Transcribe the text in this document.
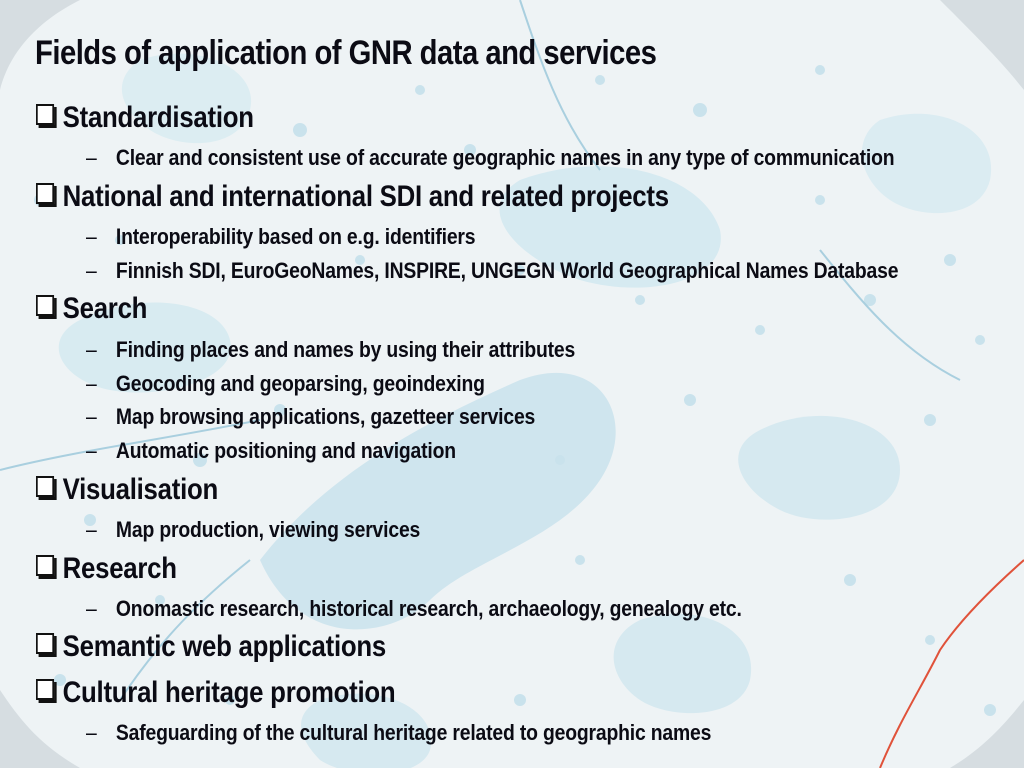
Fields of application of GNR data and services
Standardisation
– Clear and consistent use of accurate geographic names in any type of communication
National and international SDI and related projects
– Interoperability based on e.g. identifiers
– Finnish SDI, EuroGeoNames, INSPIRE, UNGEGN World Geographical Names Database
Search
– Finding places and names by using their attributes
– Geocoding and geoparsing, geoindexing
– Map browsing applications, gazetteer services
– Automatic positioning and navigation
Visualisation
– Map production, viewing services
Research
– Onomastic research, historical research, archaeology, genealogy etc.
Semantic web applications
Cultural heritage promotion
– Safeguarding of the cultural heritage related to geographic names
